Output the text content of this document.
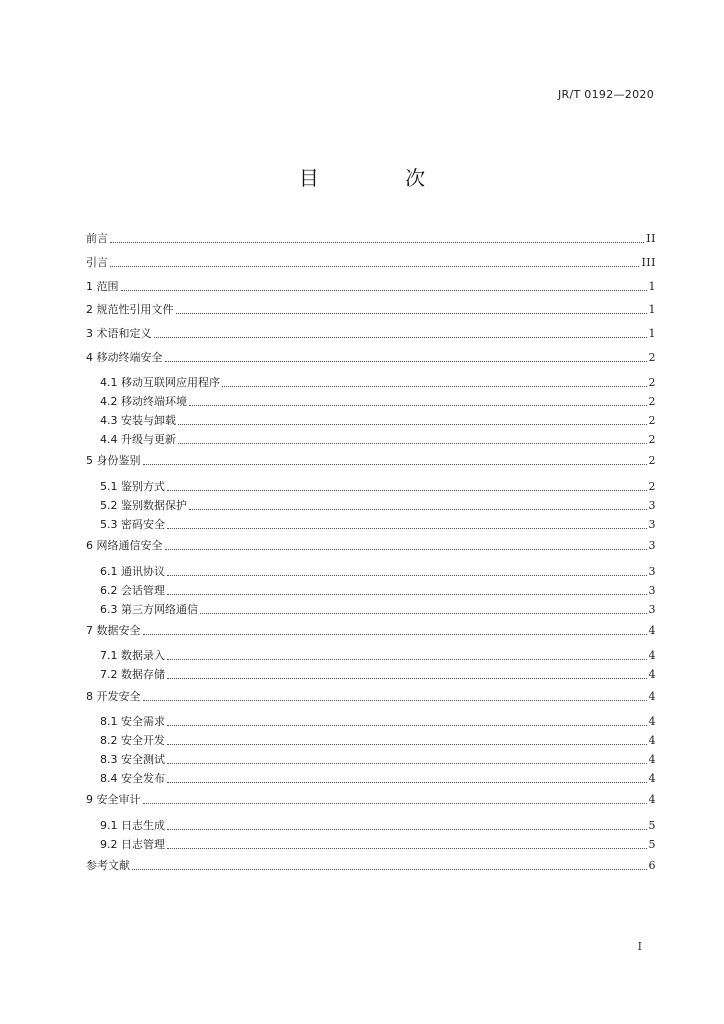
JR/T 0192—2020
目 次
前言	II
引言	III
1 范围	1
2 规范性引用文件	1
3 术语和定义	1
4 移动终端安全	2
4.1 移动互联网应用程序	2
4.2 移动终端环境	2
4.3 安装与卸载	2
4.4 升级与更新	2
5 身份鉴别	2
5.1 鉴别方式	2
5.2 鉴别数据保护	3
5.3 密码安全	3
6 网络通信安全	3
6.1 通讯协议	3
6.2 会话管理	3
6.3 第三方网络通信	3
7 数据安全	4
7.1 数据录入	4
7.2 数据存储	4
8 开发安全	4
8.1 安全需求	4
8.2 安全开发	4
8.3 安全测试	4
8.4 安全发布	4
9 安全审计	4
9.1 日志生成	5
9.2 日志管理	5
参考文献	6
I
